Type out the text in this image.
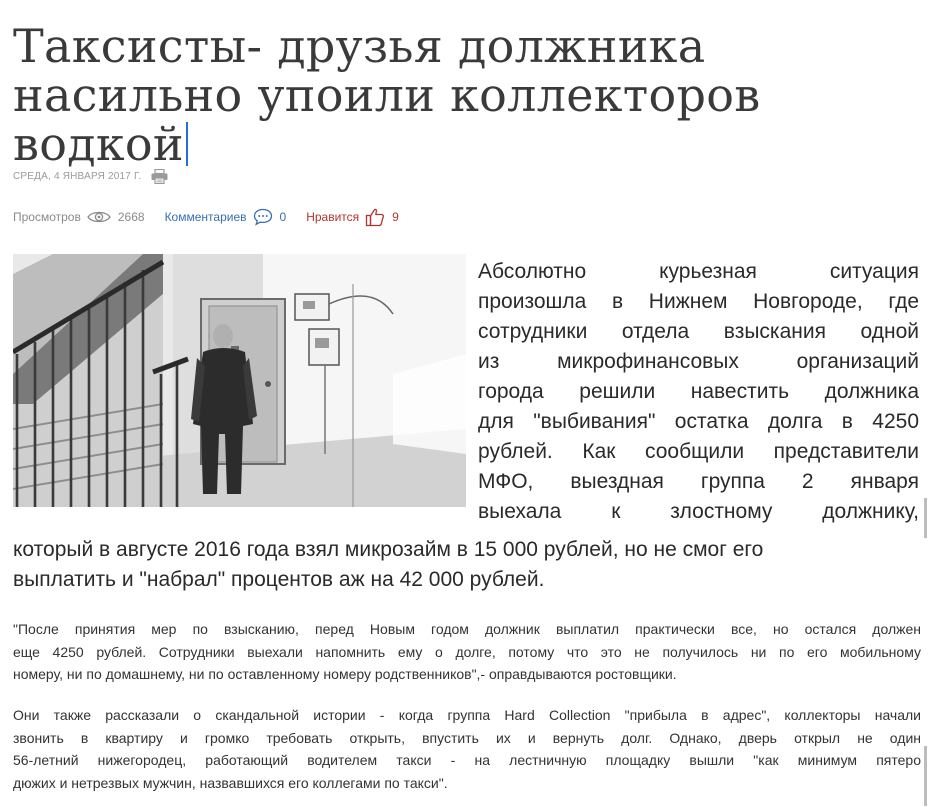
Таксисты- друзья должника насильно упоили коллекторов водкой
СРЕДА, 4 ЯНВАРЯ 2017 Г.
Просмотров	2668 Комментариев	0 Нравится	9

Абсолютно курьезная ситуация
произошла в Нижнем Новгороде, где
сотрудники отдела взыскания одной
из микрофинансовых организаций
города решили навестить должника
для "выбивания" остатка долга в 4250
рублей. Как сообщили представители
МФО, выездная группа 2 января
выехала к злостному должнику,

который в августе 2016 года взял микрозайм в 15 000 рублей, но не смог его
выплатить и "набрал" процентов аж на 42 000 рублей.

"После принятия мер по взысканию, перед Новым годом должник выплатил практически все, но остался должен
еще 4250 рублей. Сотрудники выехали напомнить ему о долге, потому что это не получилось ни по его мобильному
номеру, ни по домашнему, ни по оставленному номеру родственников",- оправдываются ростовщики.

Они также рассказали о скандальной истории - когда группа Hard Collection "прибыла в адрес", коллекторы начали
звонить в квартиру и громко требовать открыть, впустить их и вернуть долг. Однако, дверь открыл не один
56-летний нижегородец, работающий водителем такси - на лестничную площадку вышли "как минимум пятеро
дюжих и нетрезвых мужчин, назвавшихся его коллегами по такси".
